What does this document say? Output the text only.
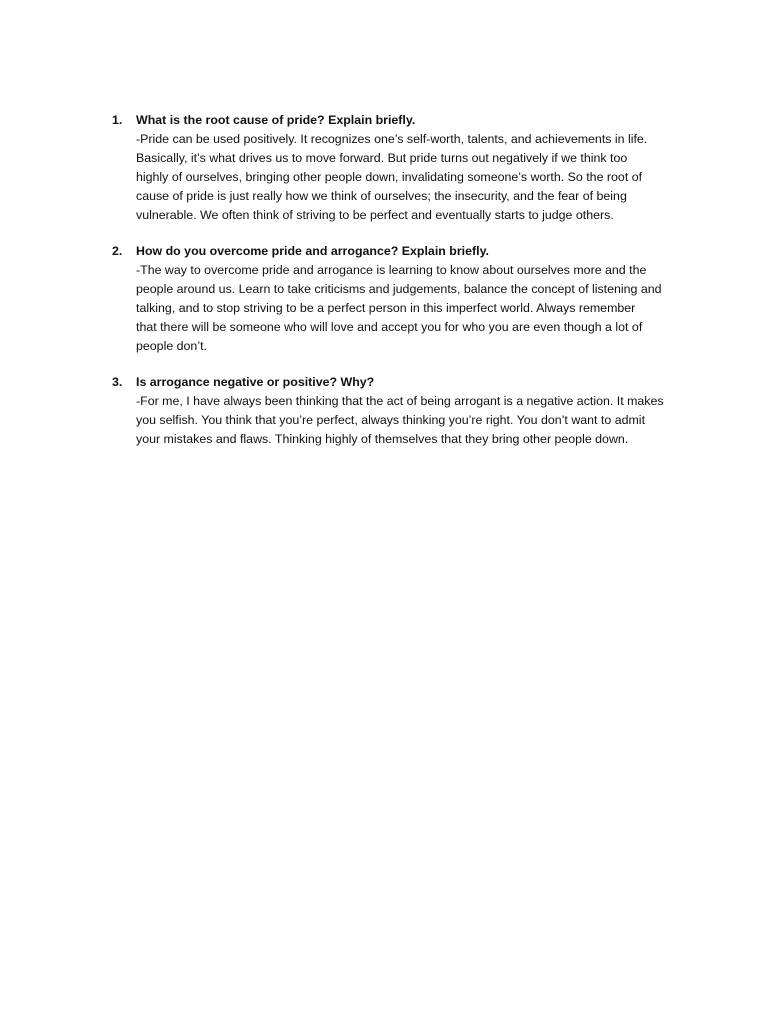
1.	What is the root cause of pride? Explain briefly.
-Pride can be used positively. It recognizes one’s self-worth, talents, and achievements in life.
Basically, it’s what drives us to move forward. But pride turns out negatively if we think too
highly of ourselves, bringing other people down, invalidating someone’s worth. So the root of
cause of pride is just really how we think of ourselves; the insecurity, and the fear of being
vulnerable. We often think of striving to be perfect and eventually starts to judge others.
2.	How do you overcome pride and arrogance? Explain briefly.
-The way to overcome pride and arrogance is learning to know about ourselves more and the
people around us. Learn to take criticisms and judgements, balance the concept of listening and
talking, and to stop striving to be a perfect person in this imperfect world. Always remember
that there will be someone who will love and accept you for who you are even though a lot of
people don’t.
3.	Is arrogance negative or positive? Why?
-For me, I have always been thinking that the act of being arrogant is a negative action. It makes
you selfish. You think that you’re perfect, always thinking you’re right. You don’t want to admit
your mistakes and flaws. Thinking highly of themselves that they bring other people down.
